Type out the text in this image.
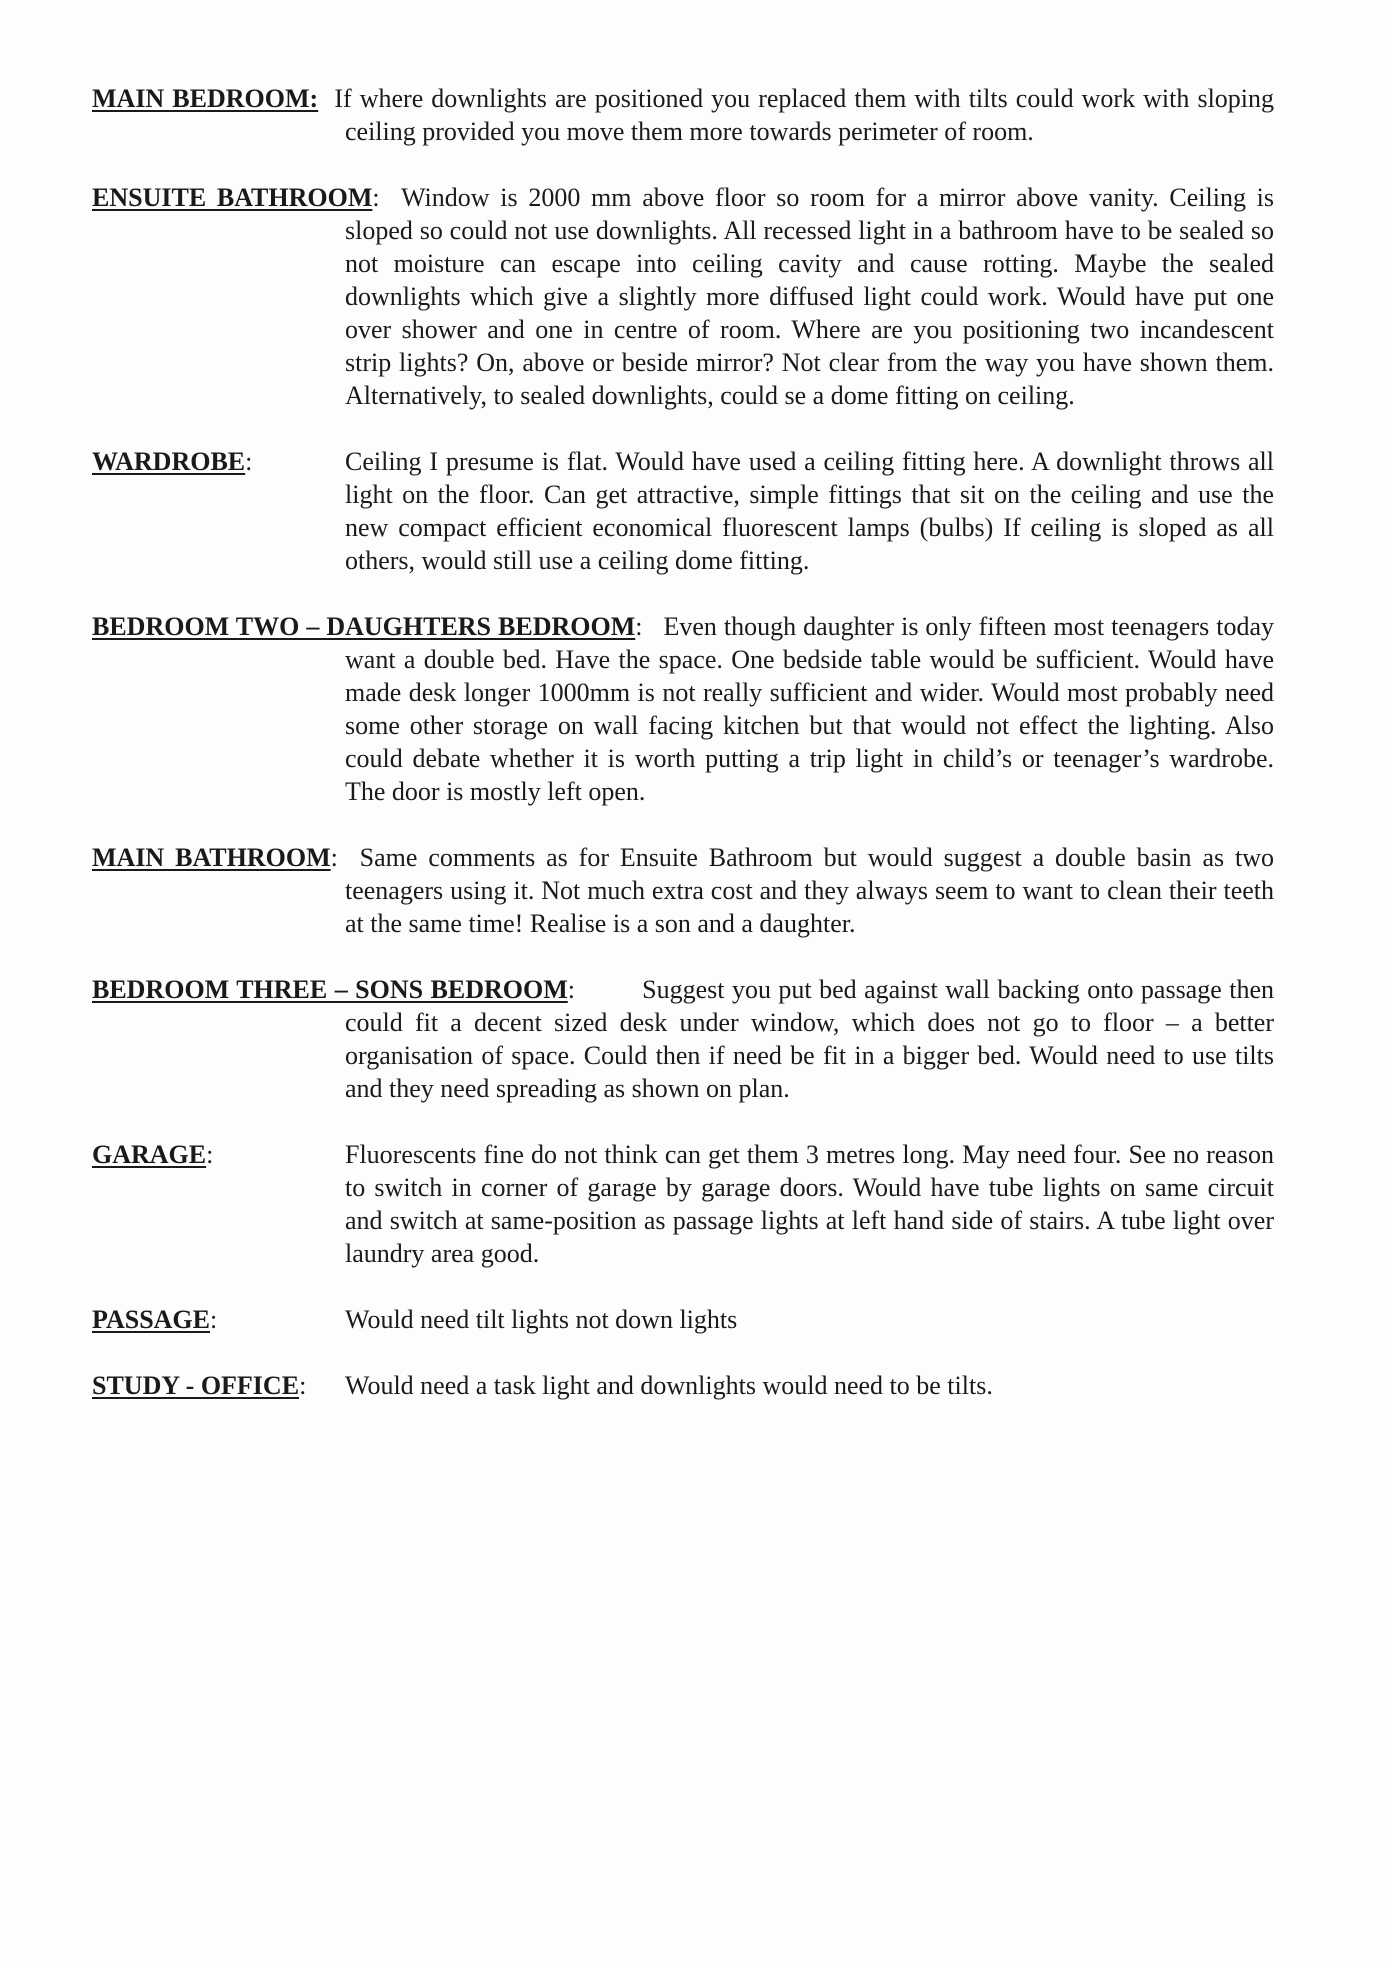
MAIN BEDROOM: If where downlights are positioned you replaced them with tilts could work with sloping ceiling provided you move them more towards perimeter of room.

ENSUITE BATHROOM: Window is 2000 mm above floor so room for a mirror above vanity. Ceiling is sloped so could not use downlights. All recessed light in a bathroom have to be sealed so not moisture can escape into ceiling cavity and cause rotting. Maybe the sealed downlights which give a slightly more diffused light could work. Would have put one over shower and one in centre of room. Where are you positioning two incandescent strip lights? On, above or beside mirror? Not clear from the way you have shown them. Alternatively, to sealed downlights, could se a dome fitting on ceiling.

WARDROBE:	Ceiling I presume is flat. Would have used a ceiling fitting here. A downlight throws all light on the floor. Can get attractive, simple fittings that sit on the ceiling and use the new compact efficient economical fluorescent lamps (bulbs) If ceiling is sloped as all others, would still use a ceiling dome fitting.

BEDROOM TWO – DAUGHTERS BEDROOM: Even though daughter is only fifteen most teenagers today want a double bed. Have the space. One bedside table would be sufficient. Would have made desk longer 1000mm is not really sufficient and wider. Would most probably need some other storage on wall facing kitchen but that would not effect the lighting. Also could debate whether it is worth putting a trip light in child’s or teenager’s wardrobe. The door is mostly left open.

MAIN BATHROOM: Same comments as for Ensuite Bathroom but would suggest a double basin as two teenagers using it. Not much extra cost and they always seem to want to clean their teeth at the same time! Realise is a son and a daughter.

BEDROOM THREE – SONS BEDROOM:	Suggest you put bed against wall backing onto passage then could fit a decent sized desk under window, which does not go to floor – a better organisation of space. Could then if need be fit in a bigger bed. Would need to use tilts and they need spreading as shown on plan.

GARAGE:	Fluorescents fine do not think can get them 3 metres long. May need four. See no reason to switch in corner of garage by garage doors. Would have tube lights on same circuit and switch at same-position as passage lights at left hand side of stairs. A tube light over laundry area good.
PASSAGE:	Would need tilt lights not down lights
STUDY - OFFICE:	Would need a task light and downlights would need to be tilts.
